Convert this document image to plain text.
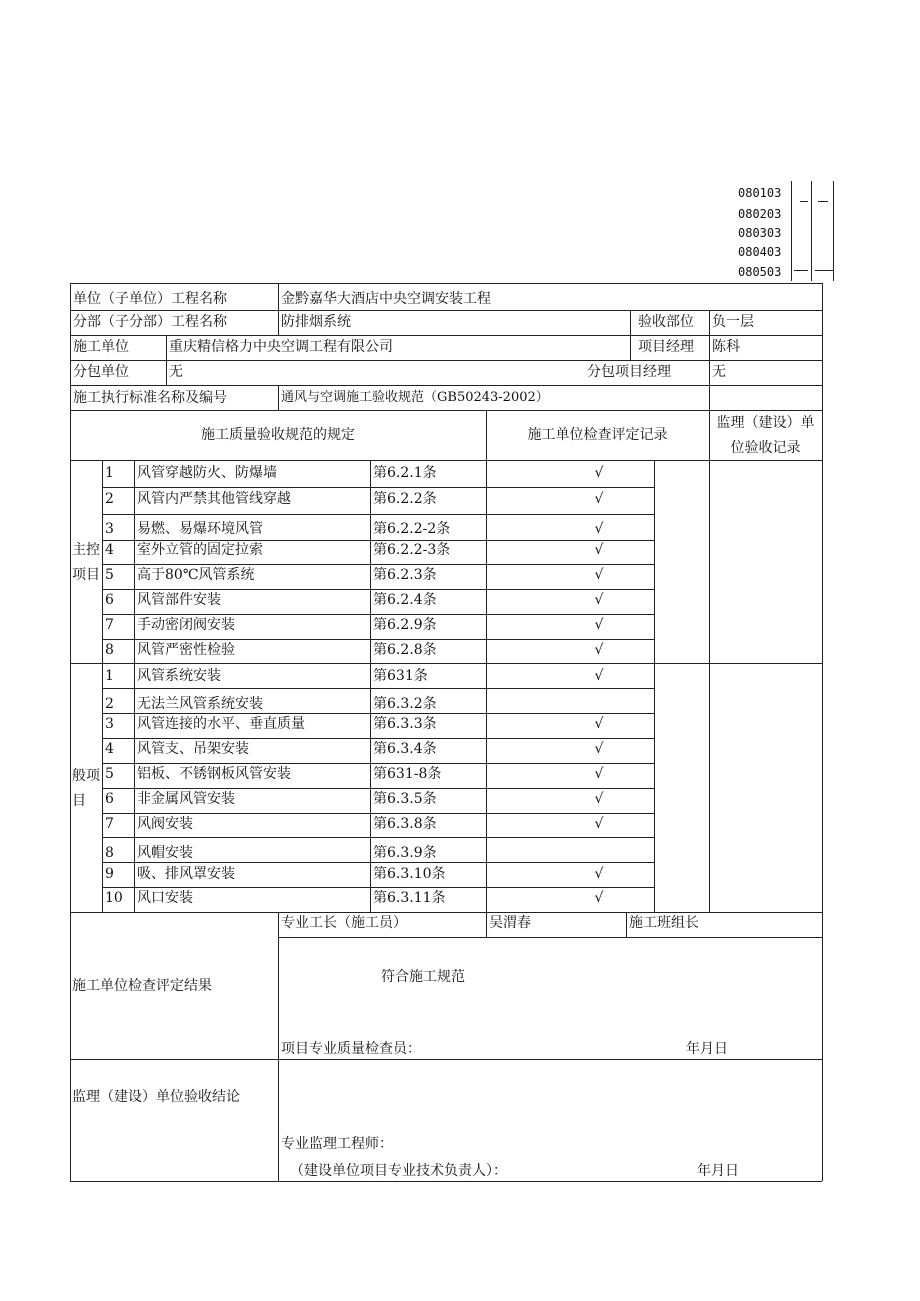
080103
080203
080303
080403
080503
单位（子单位）工程名称	金黔嘉华大酒店中央空调安装工程
分部（子分部）工程名称	防排烟系统	验收部位 负一层
施工单位	重庆精信格力中央空调工程有限公司	项目经理 陈科
分包单位	无	分包项目经理	无
施工执行标准名称及编号	通风与空调施工验收规范（GB50243-2002）
施工质量验收规范的规定	施工单位检查评定记录
监理（建设）单
位验收记录
主控
项目
般项
目
1 风管穿越防火、防爆墙	第6.2.1条	√
2 风管内严禁其他管线穿越	第6.2.2条	√
3 易燃、易爆环境风管	第6.2.2-2条	√
4 室外立管的固定拉索	第6.2.2-3条	√
5 高于80℃风管系统	第6.2.3条	√
6 风管部件安装	第6.2.4条	√
7 手动密闭阀安装	第6.2.9条	√
8 风管严密性检验	第6.2.8条	√
1 风管系统安装	第631条	√
2 无法兰风管系统安装	第6.3.2条
3 风管连接的水平、垂直质量	第6.3.3条	√
4 风管支、吊架安装	第6.3.4条	√
5 铝板、不锈钢板风管安装	第631-8条	√
6 非金属风管安装	第6.3.5条	√
7 风阀安装	第6.3.8条	√
8 风帽安装	第6.3.9条
9 吸、排风罩安装	第6.3.10条	√
10 风口安装	第6.3.11条	√
专业工长（施工员）	吴渭春	施工班组长
施工单位检查评定结果
符合施工规范
项目专业质量检查员：	年月日
监理（建设）单位验收结论
专业监理工程师：
（建设单位项目专业技术负责人）：	年月日
